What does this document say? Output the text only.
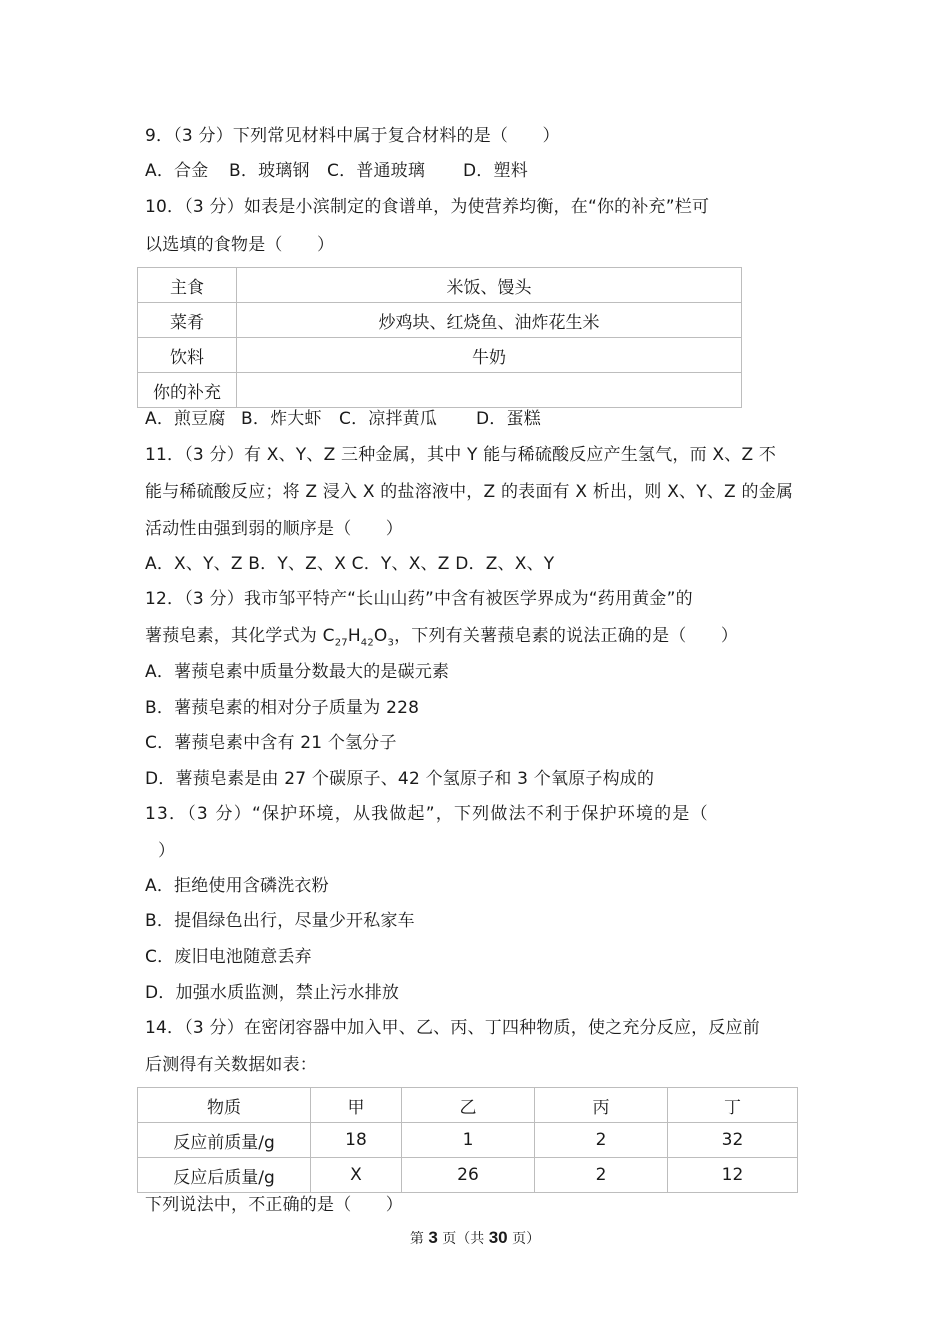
9．（3 分）下列常见材料中属于复合材料的是（　　）
A．合金 B．玻璃钢 C．普通玻璃 D．塑料
10．（3 分）如表是小滨制定的食谱单，为使营养均衡，在“你的补充”栏可
以选填的食物是（　　）
主食	米饭、馒头
菜肴	炒鸡块、红烧鱼、油炸花生米
饮料	牛奶
你的补充	
A．煎豆腐 B．炸大虾 C．凉拌黄瓜 D．蛋糕
11．（3 分）有 X、Y、Z 三种金属，其中 Y 能与稀硫酸反应产生氢气，而 X、Z 不
能与稀硫酸反应；将 Z 浸入 X 的盐溶液中，Z 的表面有 X 析出，则 X、Y、Z 的金属
活动性由强到弱的顺序是（　　）
A．X、Y、Z B．Y、Z、X C．Y、X、Z D．Z、X、Y
12．（3 分）我市邹平特产“长山山药”中含有被医学界成为“药用黄金”的
薯蓣皂素，其化学式为 $C_{27}H_{42}O_3$，下列有关薯蓣皂素的说法正确的是（　　）
A．薯蓣皂素中质量分数最大的是碳元素
B．薯蓣皂素的相对分子质量为 228
C．薯蓣皂素中含有 21 个氢分子
D．薯蓣皂素是由 27 个碳原子、42 个氢原子和 3 个氧原子构成的
13．（3 分）“保护环境，从我做起”，下列做法不利于保护环境的是（
）
A．拒绝使用含磷洗衣粉
B．提倡绿色出行，尽量少开私家车
C．废旧电池随意丢弃
D．加强水质监测，禁止污水排放
14．（3 分）在密闭容器中加入甲、乙、丙、丁四种物质，使之充分反应，反应前
后测得有关数据如表：
物质	甲	乙	丙	丁
反应前质量/g	18	1	2	32
反应后质量/g	X	26	2	12
下列说法中，不正确的是（　　）
第 3 页（共 30 页）
